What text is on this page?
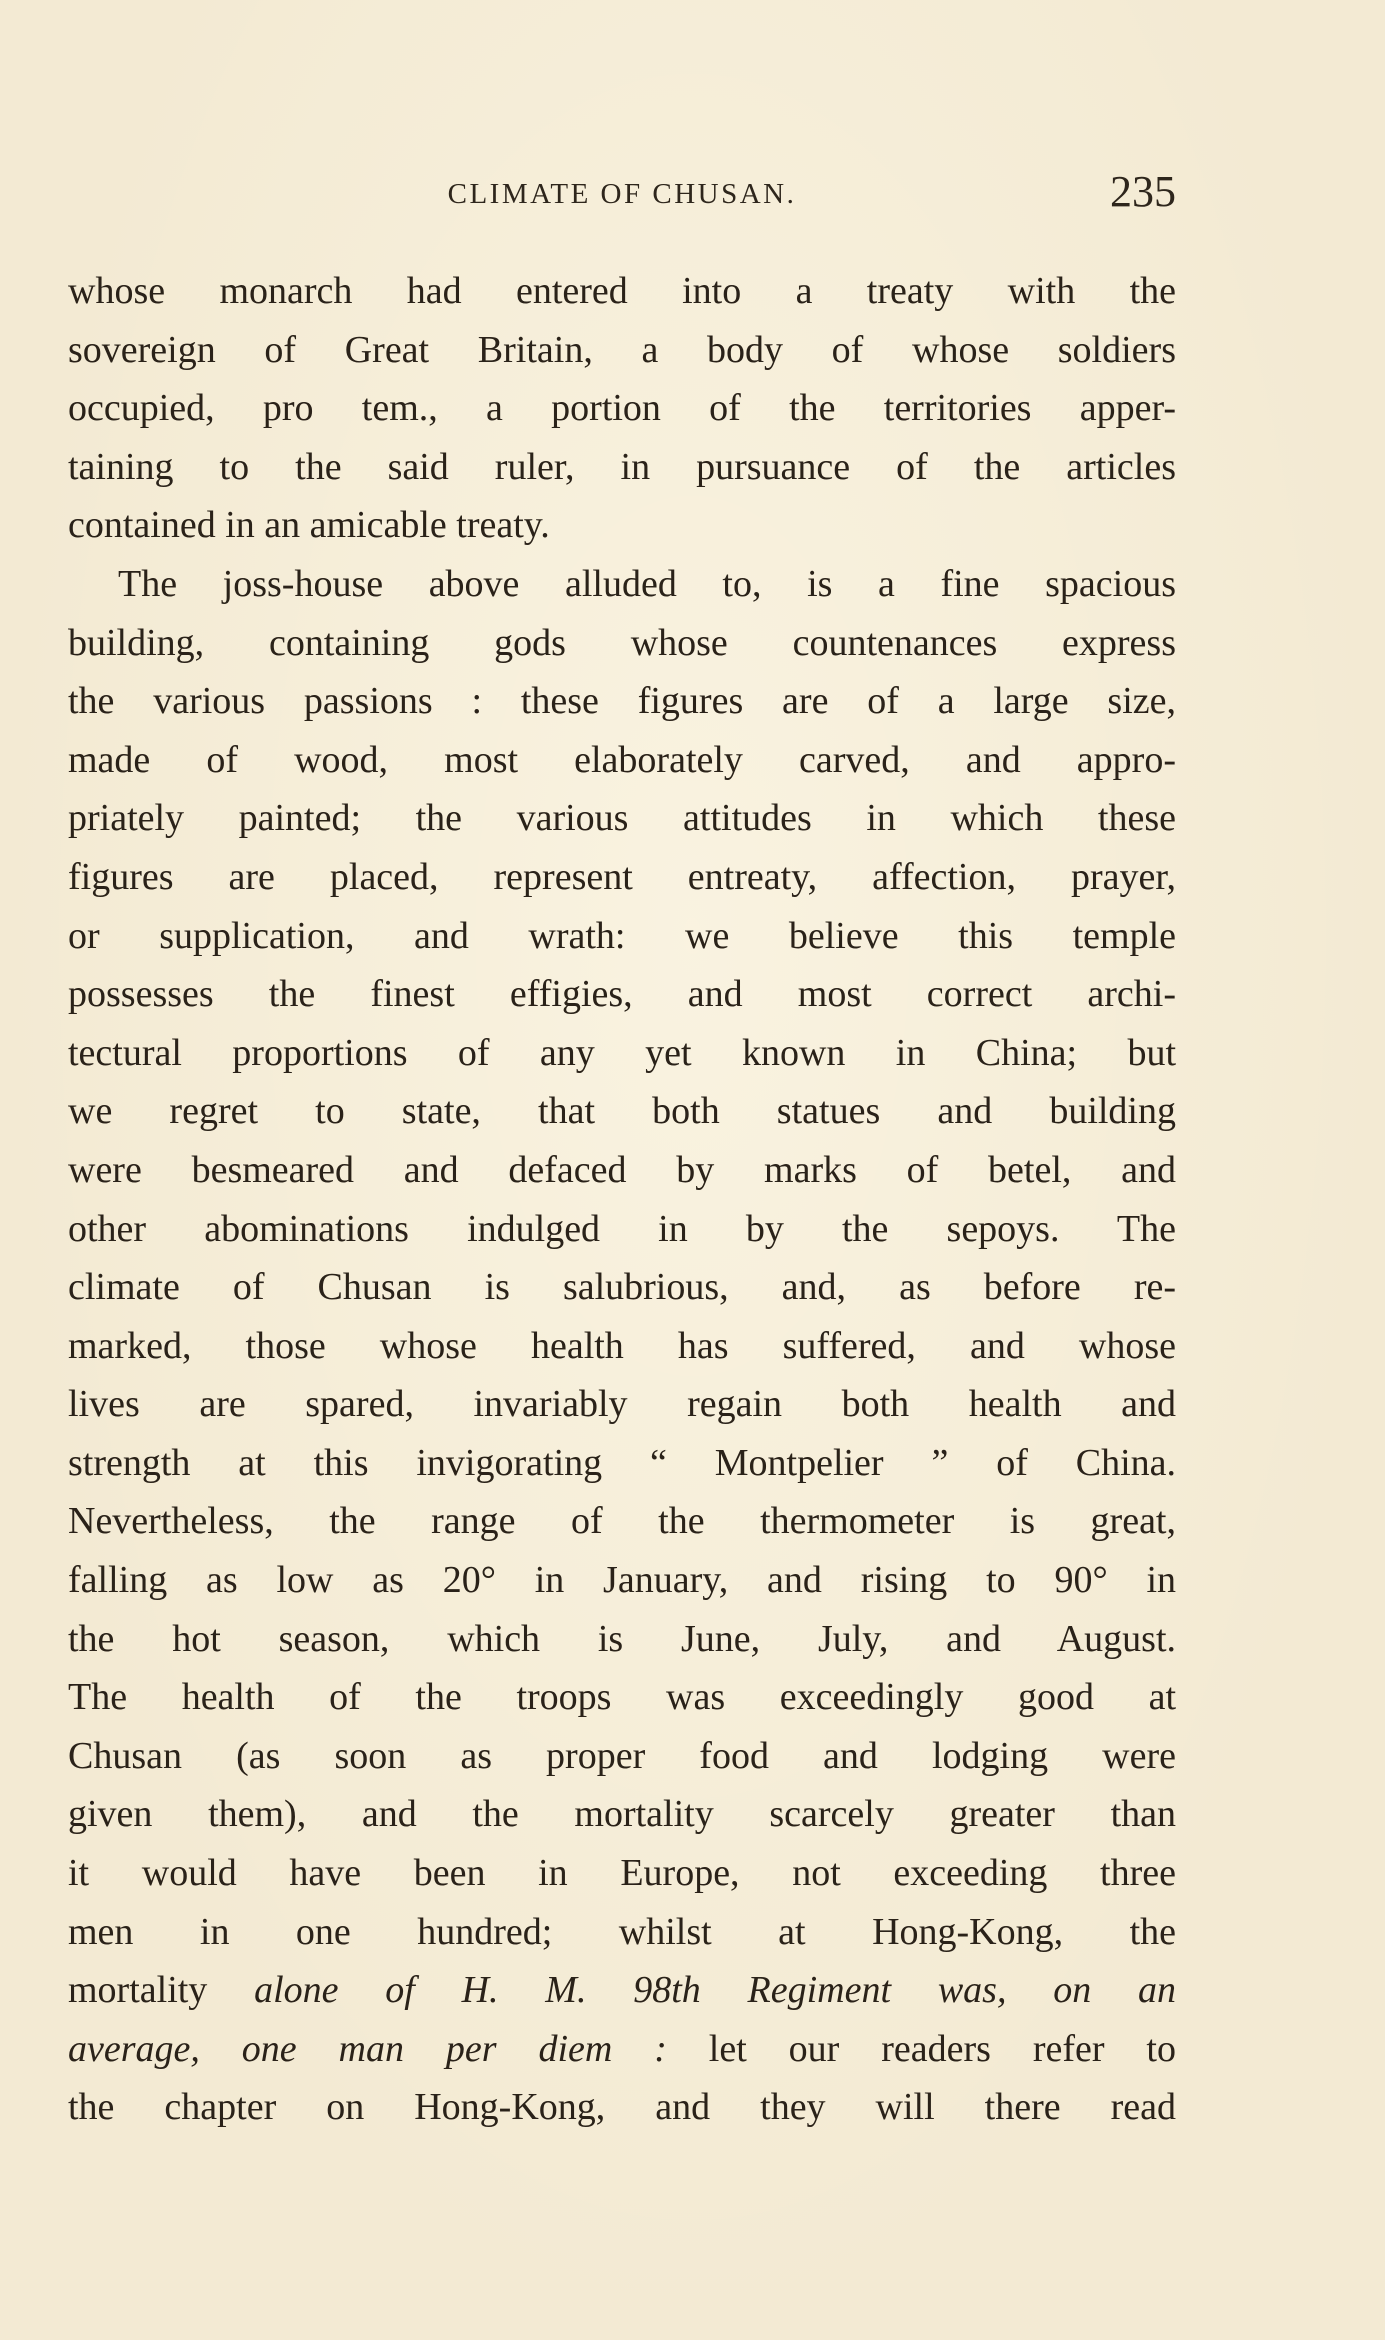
CLIMATE OF CHUSAN.	235
whose monarch had entered into a treaty with the
sovereign of Great Britain, a body of whose soldiers
occupied, pro tem., a portion of the territories apper-
taining to the said ruler, in pursuance of the articles
contained in an amicable treaty.
The joss-house above alluded to, is a fine spacious
building, containing gods whose countenances express
the various passions : these figures are of a large size,
made of wood, most elaborately carved, and appro-
priately painted; the various attitudes in which these
figures are placed, represent entreaty, affection, prayer,
or supplication, and wrath: we believe this temple
possesses the finest effigies, and most correct archi-
tectural proportions of any yet known in China; but
we regret to state, that both statues and building
were besmeared and defaced by marks of betel, and
other abominations indulged in by the sepoys. The
climate of Chusan is salubrious, and, as before re-
marked, those whose health has suffered, and whose
lives are spared, invariably regain both health and
strength at this invigorating “ Montpelier ” of China.
Nevertheless, the range of the thermometer is great,
falling as low as 20° in January, and rising to 90° in
the hot season, which is June, July, and August.
The health of the troops was exceedingly good at
Chusan (as soon as proper food and lodging were
given them), and the mortality scarcely greater than
it would have been in Europe, not exceeding three
men in one hundred; whilst at Hong-Kong, the
mortality alone of H. M. 98th Regiment was, on an
average, one man per diem : let our readers refer to
the chapter on Hong-Kong, and they will there read
